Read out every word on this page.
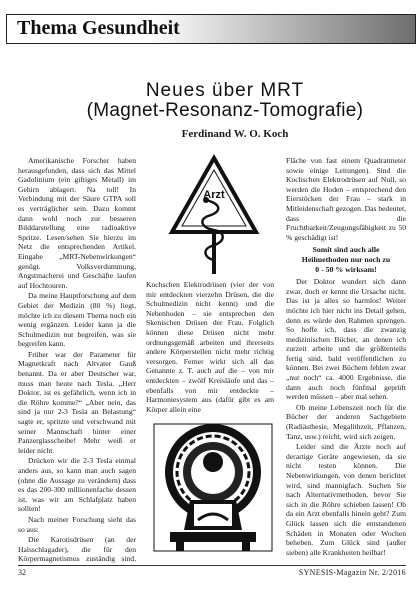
Thema Gesundheit
Neues über MRT
(Magnet-Resonanz-Tomografie)
Ferdinand W. O. Koch

Amerikanische Forscher haben herausgefunden, dass sich das Mittel Gadolinium (ein giftiges Metall) im Gehirn ablagert. Na toll! In Verbindung mit der Säure GTPA soll es verträglicher sein. Dazu kommt dann wohl noch zur besseren Bilddarstellung eine radioaktive Spritze. Lesen/sehen Sie hierzu im Netz die entsprechenden Artikel. Eingabe „MRT-Nebenwirkungen“ genügt. Volksverdummung, Angstmacherei und Geschäfte laufen auf Hochtouren.

Da meine Hauptforschung auf dem Gebiet der Medizin (80 %) liegt, möchte ich zu diesem Thema noch ein wenig ergänzen. Leider kann ja die Schulmedizin nur begreifen, was sie begreifen kann.

Früher war der Parameter für Magnetkraft nach Altvater Gauß benannt. Da er aber Deutscher war, muss man heute nach Tesla. „Herr Doktor, ist es gefährlich, wenn ich in die Röhre komme?“ „Aber nein, das sind ja nur 2-3 Tesla an Belastung“ sagte er, spritzte und verschwand mit seiner Mannschaft hinter einer Panzerglasscheibe! Mehr weiß er leider nicht.

Drücken wir die 2-3 Tesla einmal anders aus, so kann man auch sagen (ohne die Aussage zu verändern) dass es das 200-300 millionenfache dessen ist, was wir am Schlafplatz haben sollten!

Nach meiner Forschung sieht das so aus:

Die Karotisdrüsen (an der Halsschlagader), die für den Körpermagnetismus zuständig sind,

Arzt

Kochschen Elektrodrüsen (vier der von mir entdeckten vierzehn Drüsen, die die Schulmedizin nicht kennt) und die Nebenhoden – sie entsprechen den Skenischen Drüsen der Frau. Folglich können diese Drüsen nicht mehr ordnungsgemäß arbeiten und ihrerseits andere Körperstellen nicht mehr richtig versorgen. Ferner wirkt sich all das Genannte z. T. auch auf die – von mir entdeckten – zwölf Kreisläufe und das – ebenfalls von mir entdeckte – Harmoniesystem aus (dafür gibt es am Körper allein eine

Fläche von fast einem Quadratmeter sowie einige Leitungen). Sind die Kochschen Elektrodrüsen auf Null, so werden die Hoden – entsprechend den Eierstöcken der Frau – stark in Mitleidenschaft gezogen. Das bedeutet, dass die Fruchtbarkeit/Zeugungsfähigkeit zu 50 % geschädigt ist!

Somit sind auch alle
Heilmethoden nur noch zu
0 - 50 % wirksam!

Der Doktor wundert sich dann zwar, doch er kennt die Ursache nicht. Das ist ja alles so harmlos! Weiter möchte ich hier nicht ins Detail gehen, denn es würde den Rahmen sprengen. So hoffe ich, dass die zwanzig medizinischen Bücher, an denen ich zurzeit arbeite und die größtenteils fertig sind, bald veröffentlichen zu können. Bei zwei Büchern fehlen zwar „nur noch“ ca. 4000 Ergebnisse, die dann auch noch fünfmal geprüft werden müssen – aber mal sehen.

Ob meine Lebenszeit noch für die Bücher der anderen Sachgebiete (Radiästhesie, Megalithzeit, Pflanzen, Tanz, usw.) reicht, wird sich zeigen.

Leider sind die Ärzte noch auf derartige Geräte angewiesen, da sie nicht testen können. Die Nebenwirkungen, von denen berichtet wird, sind mannigfach. Suchen Sie nach Alternativmethoden, bevor Sie sich in die Röhre schieben lassen! Ob da ein Arzt ebenfalls hinein geht? Zum Glück lassen sich die entstandenen Schäden in Monaten oder Wochen beheben. Zum Glück sind (außer sieben) alle Krankheiten heilbar!

32	SYNESIS-Magazin Nr. 2/2016
